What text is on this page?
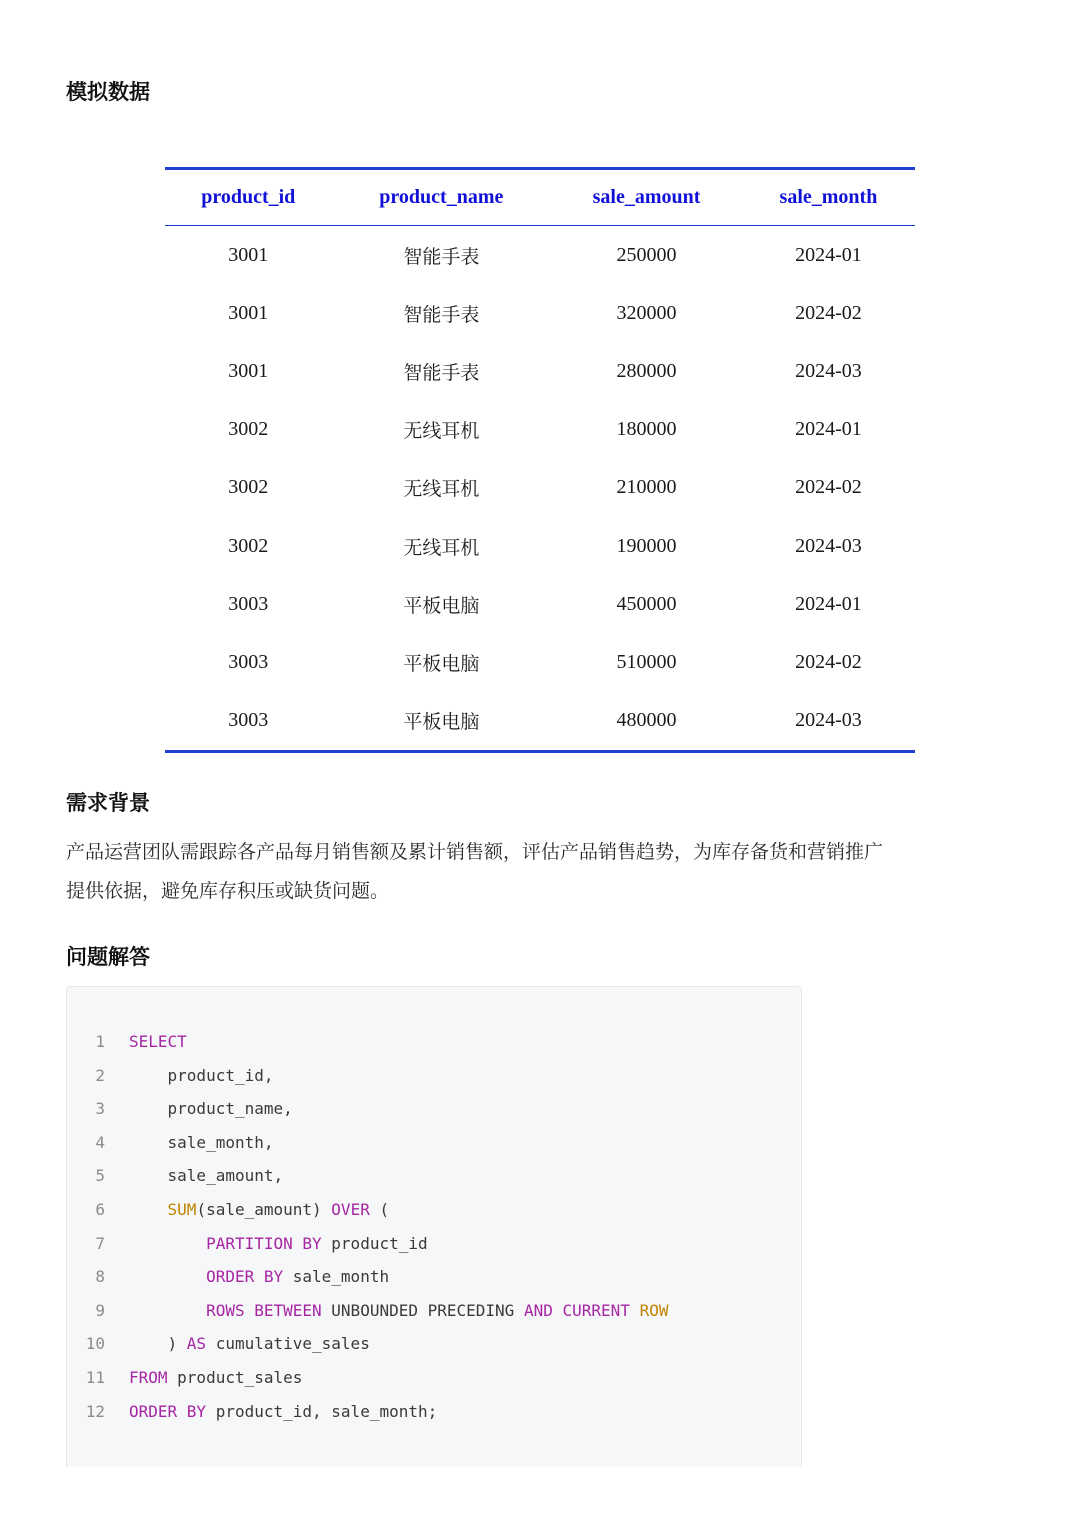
模拟数据
product_id	product_name	sale_amount	sale_month
3001	智能手表	250000	2024-01
3001	智能手表	320000	2024-02
3001	智能手表	280000	2024-03
3002	无线耳机	180000	2024-01
3002	无线耳机	210000	2024-02
3002	无线耳机	190000	2024-03
3003	平板电脑	450000	2024-01
3003	平板电脑	510000	2024-02
3003	平板电脑	480000	2024-03
需求背景

产品运营团队需跟踪各产品每月销售额及累计销售额，评估产品销售趋势，为库存备货和营销推广
提供依据，避免库存积压或缺货问题。

问题解答
1 SELECT
2	product_id,
3	product_name,
4	sale_month,
5	sale_amount,
6	SUM(sale_amount) OVER (
7	PARTITION BY product_id
8	ORDER BY sale_month
9	ROWS BETWEEN UNBOUNDED PRECEDING AND CURRENT ROW
10	) AS cumulative_sales
11 FROM product_sales
12 ORDER BY product_id, sale_month;
